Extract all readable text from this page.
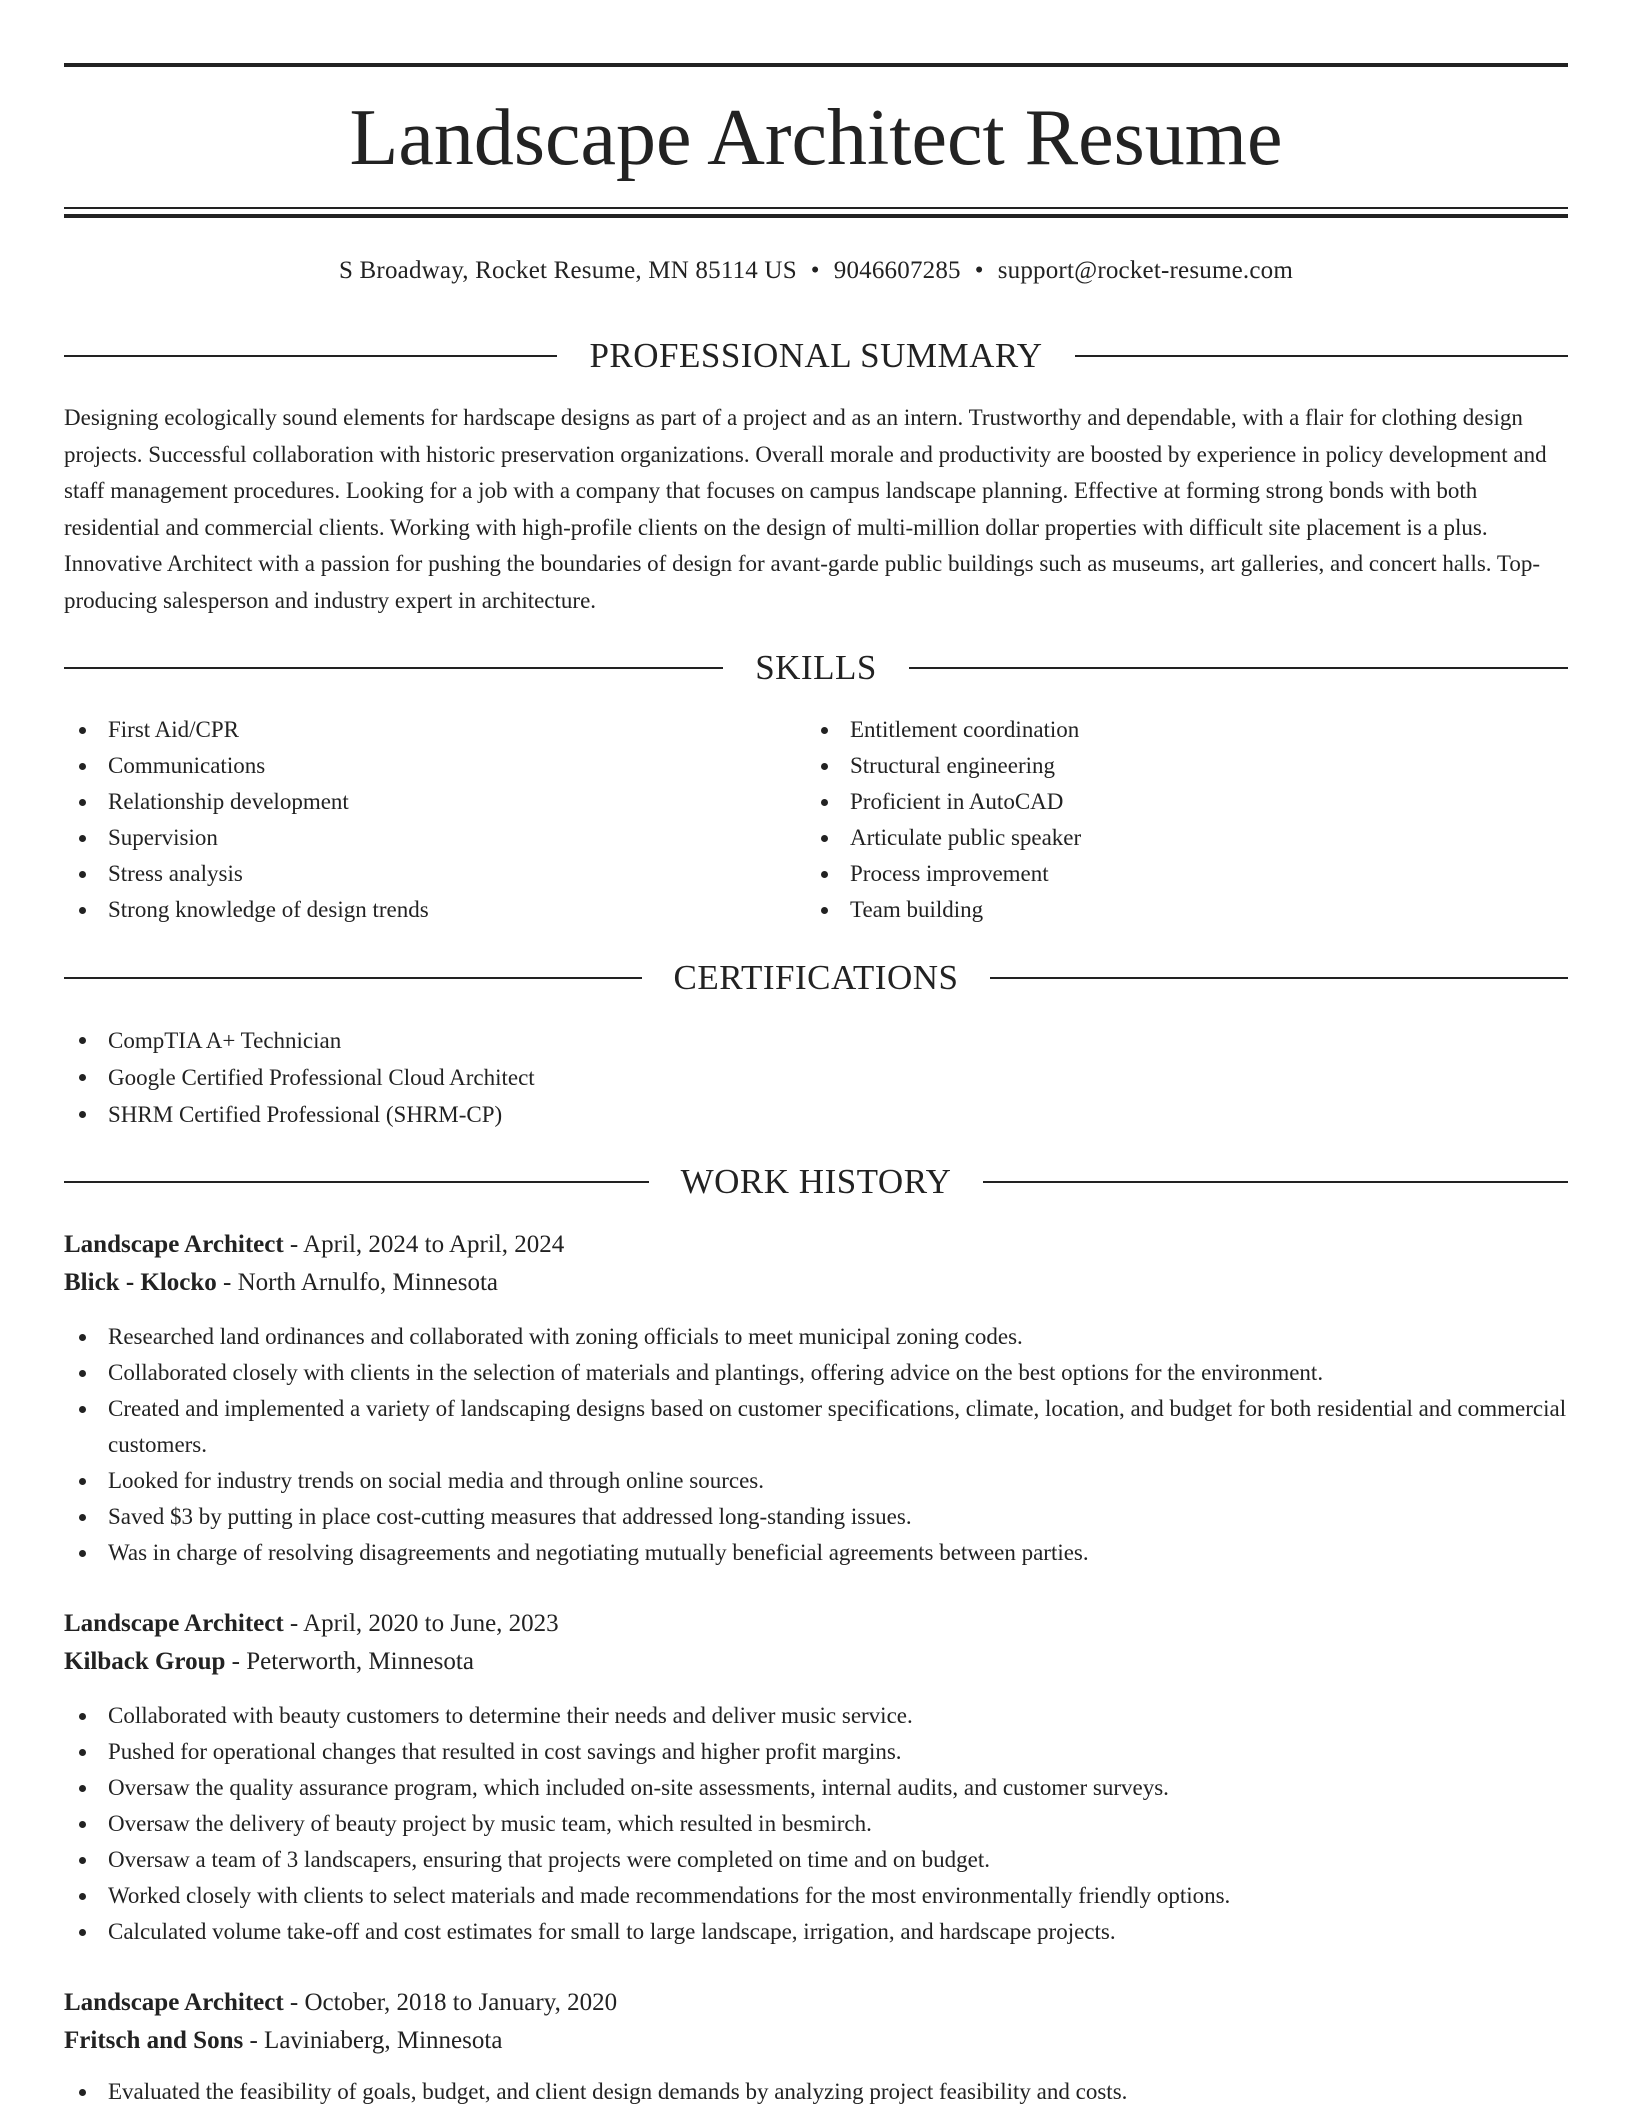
Landscape Architect Resume
S Broadway, Rocket Resume, MN 85114 US • 9046607285 • support@rocket-resume.com
PROFESSIONAL SUMMARY

Designing ecologically sound elements for hardscape designs as part of a project and as an intern. Trustworthy and dependable, with a flair for clothing design projects. Successful collaboration with historic preservation organizations. Overall morale and productivity are boosted by experience in policy development and staff management procedures. Looking for a job with a company that focuses on campus landscape planning. Effective at forming strong bonds with both residential and commercial clients. Working with high-profile clients on the design of multi-million dollar properties with difficult site placement is a plus. Innovative Architect with a passion for pushing the boundaries of design for avant-garde public buildings such as museums, art galleries, and concert halls. Top-producing salesperson and industry expert in architecture.

SKILLS
First Aid/CPR
Communications
Relationship development
Supervision
Stress analysis
Strong knowledge of design trends
Entitlement coordination
Structural engineering
Proficient in AutoCAD
Articulate public speaker
Process improvement
Team building
CERTIFICATIONS
CompTIA A+ Technician
Google Certified Professional Cloud Architect
SHRM Certified Professional (SHRM-CP)
WORK HISTORY
Landscape Architect - April, 2024 to April, 2024
Blick - Klocko - North Arnulfo, Minnesota
Researched land ordinances and collaborated with zoning officials to meet municipal zoning codes.
Collaborated closely with clients in the selection of materials and plantings, offering advice on the best options for the environment.
Created and implemented a variety of landscaping designs based on customer specifications, climate, location, and budget for both residential and commercial customers.
Looked for industry trends on social media and through online sources.
Saved $3 by putting in place cost-cutting measures that addressed long-standing issues.
Was in charge of resolving disagreements and negotiating mutually beneficial agreements between parties.
Landscape Architect - April, 2020 to June, 2023
Kilback Group - Peterworth, Minnesota
Collaborated with beauty customers to determine their needs and deliver music service.
Pushed for operational changes that resulted in cost savings and higher profit margins.
Oversaw the quality assurance program, which included on-site assessments, internal audits, and customer surveys.
Oversaw the delivery of beauty project by music team, which resulted in besmirch.
Oversaw a team of 3 landscapers, ensuring that projects were completed on time and on budget.
Worked closely with clients to select materials and made recommendations for the most environmentally friendly options.
Calculated volume take-off and cost estimates for small to large landscape, irrigation, and hardscape projects.
Landscape Architect - October, 2018 to January, 2020
Fritsch and Sons - Laviniaberg, Minnesota
Evaluated the feasibility of goals, budget, and client design demands by analyzing project feasibility and costs.
